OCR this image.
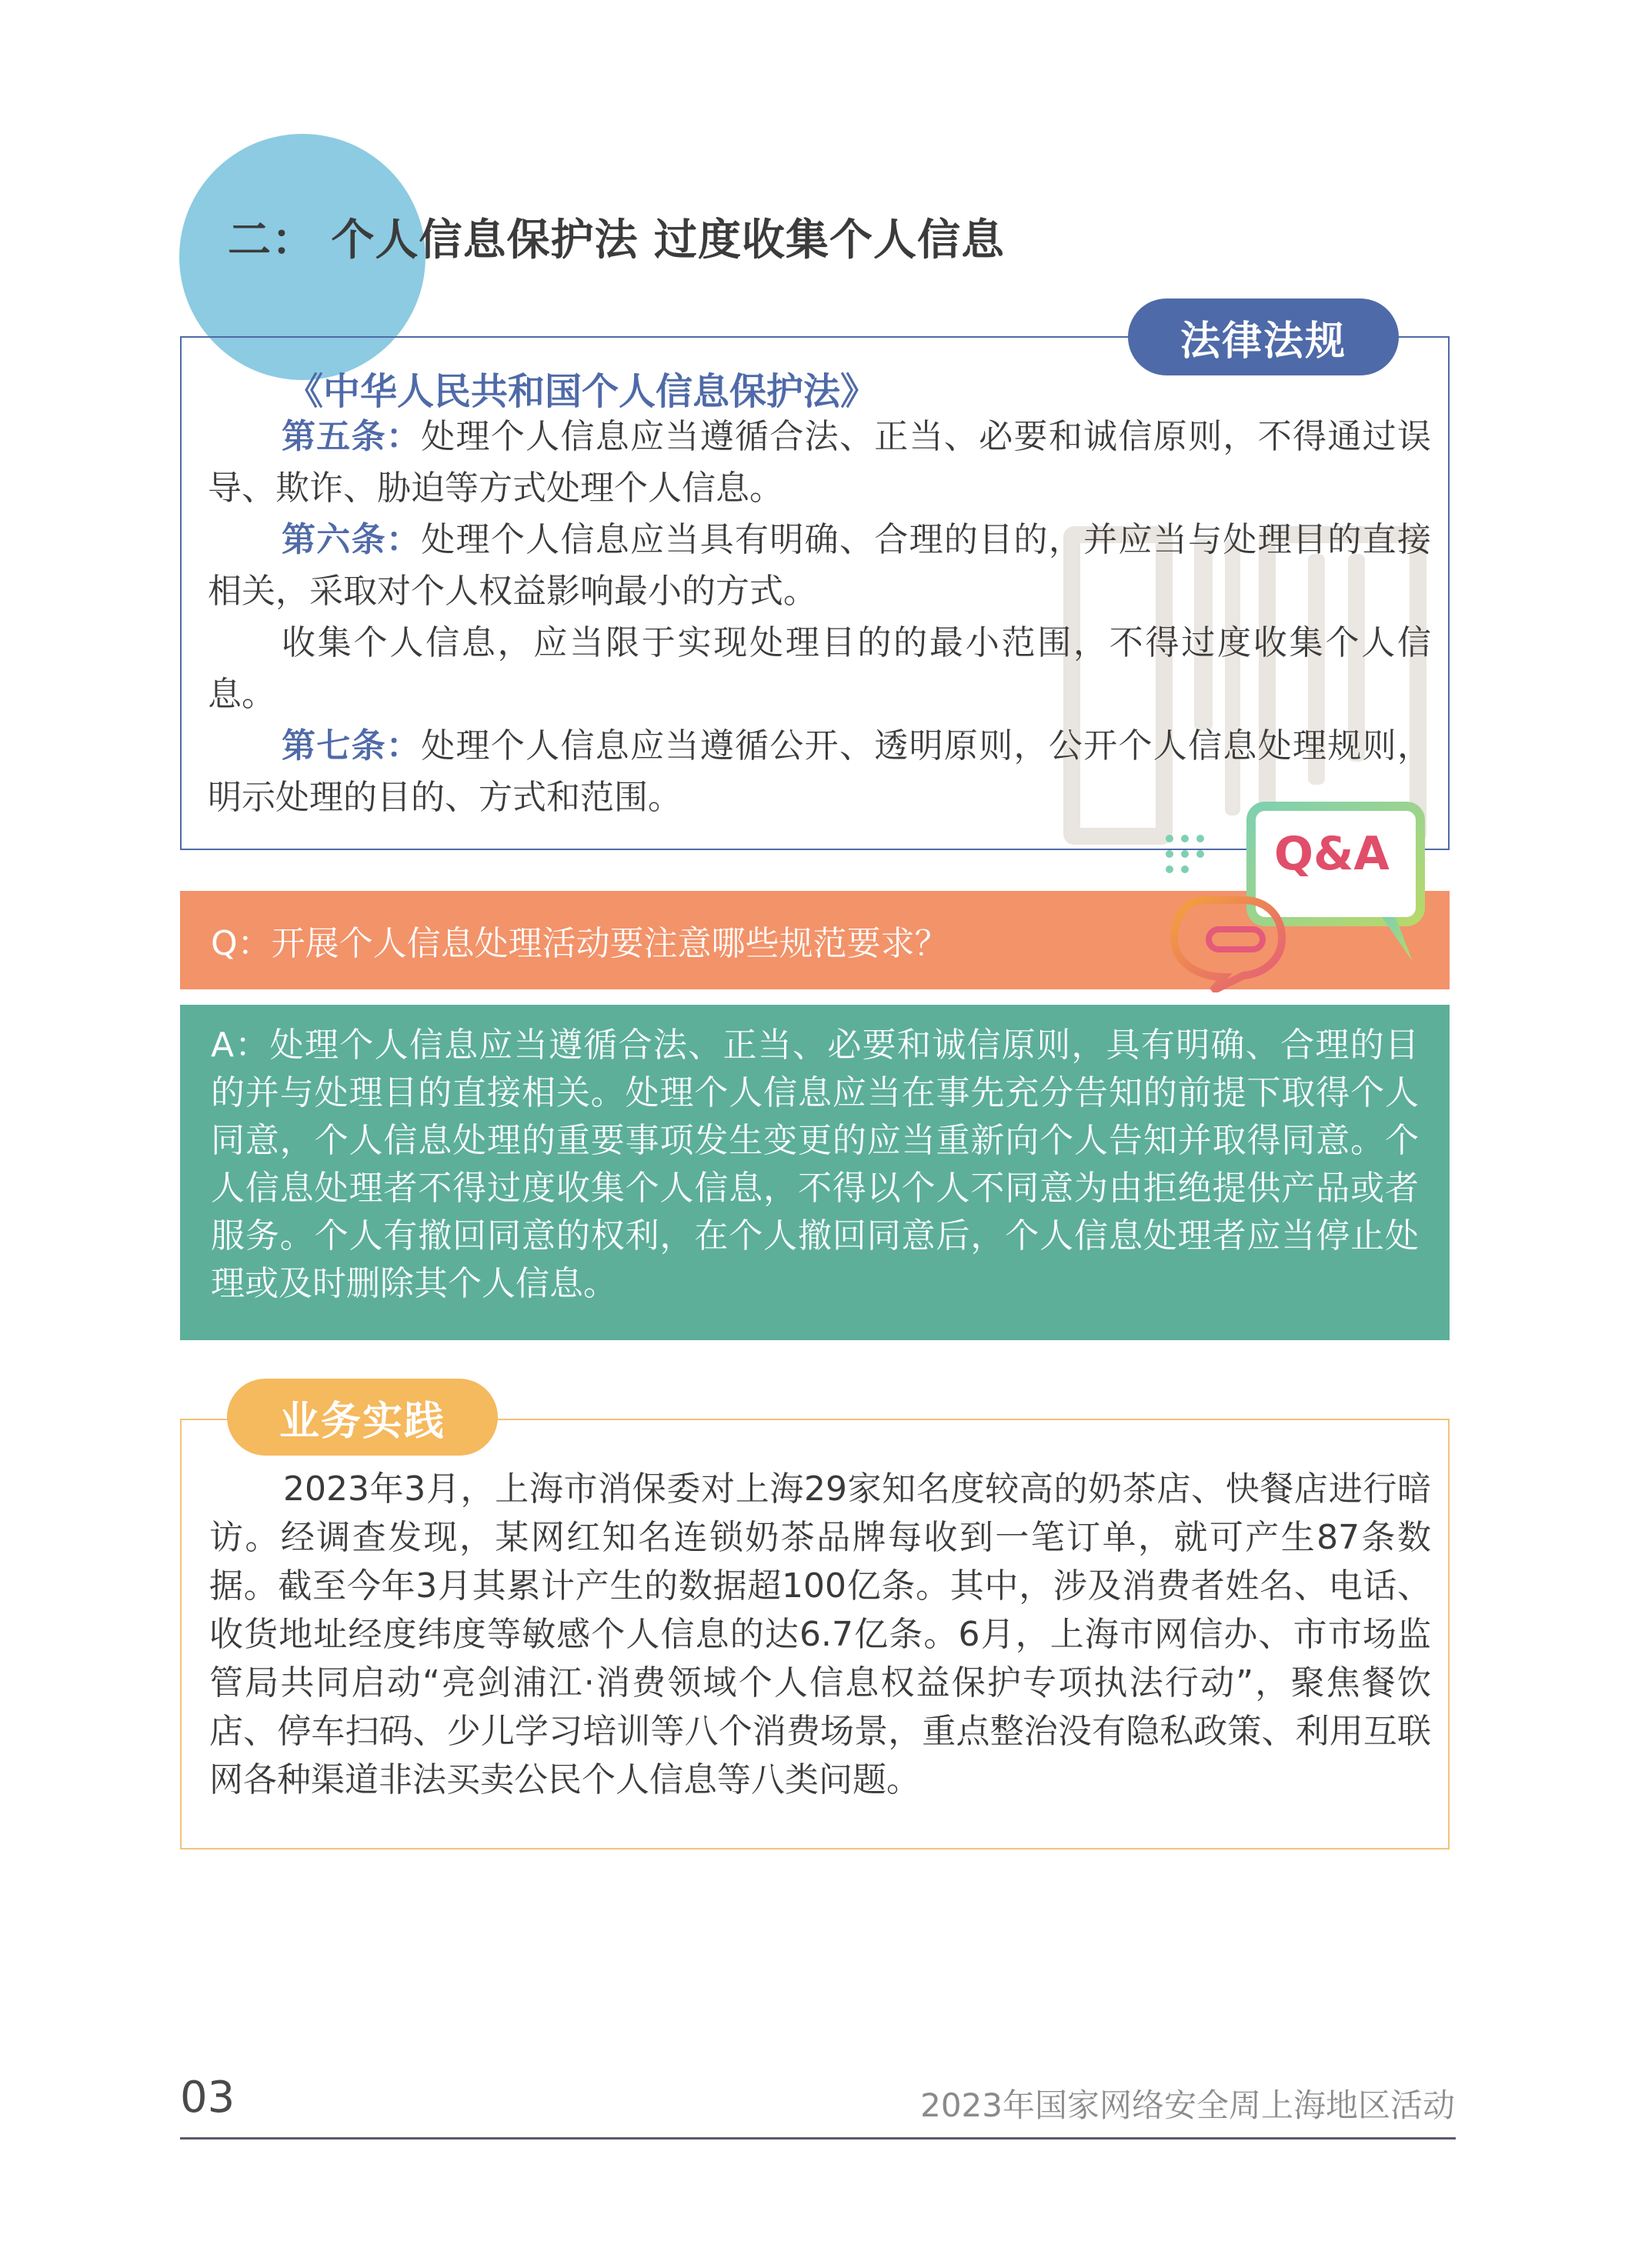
二： 个人信息保护法 过度收集个人信息
法律法规
《中华人民共和国个人信息保护法》

第五条：处理个人信息应当遵循合法、正当、必要和诚信原则，不得通过误导、欺诈、胁迫等方式处理个人信息。

第六条：处理个人信息应当具有明确、合理的目的，并应当与处理目的直接相关，采取对个人权益影响最小的方式。

收集个人信息，应当限于实现处理目的的最小范围，不得过度收集个人信息。

第七条：处理个人信息应当遵循公开、透明原则，公开个人信息处理规则，明示处理的目的、方式和范围。

Q：开展个人信息处理活动要注意哪些规范要求？
Q&A
A：处理个人信息应当遵循合法、正当、必要和诚信原则，具有明确、合理的目的并与处理目的直接相关。处理个人信息应当在事先充分告知的前提下取得个人同意，个人信息处理的重要事项发生变更的应当重新向个人告知并取得同意。个人信息处理者不得过度收集个人信息，不得以个人不同意为由拒绝提供产品或者服务。个人有撤回同意的权利，在个人撤回同意后，个人信息处理者应当停止处理或及时删除其个人信息。
业务实践
2023年3月，上海市消保委对上海29家知名度较高的奶茶店、快餐店进行暗访。经调查发现，某网红知名连锁奶茶品牌每收到一笔订单，就可产生87条数据。截至今年3月其累计产生的数据超100亿条。其中，涉及消费者姓名、电话、收货地址经度纬度等敏感个人信息的达6.7亿条。6月，上海市网信办、市市场监管局共同启动“亮剑浦江·消费领域个人信息权益保护专项执法行动”，聚焦餐饮店、停车扫码、少儿学习培训等八个消费场景，重点整治没有隐私政策、利用互联网各种渠道非法买卖公民个人信息等八类问题。
03	2023年国家网络安全周上海地区活动
